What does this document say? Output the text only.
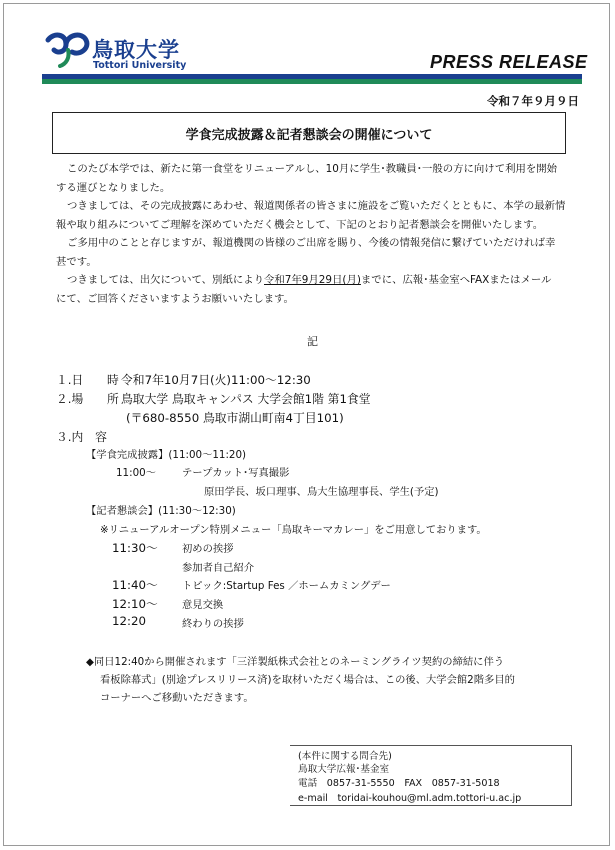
鳥取大学
Tottori University	PRESS RELEASE
令和７年９月９日
学食完成披露＆記者懇談会の開催について

このたび本学では、新たに第一食堂をリニューアルし、10月に学生･教職員･一般の方に向けて利用を開始
する運びとなりました。

つきましては、その完成披露にあわせ、報道関係者の皆さまに施設をご覧いただくとともに、本学の最新情
報や取り組みについてご理解を深めていただく機会として、下記のとおり記者懇談会を開催いたします。

ご多用中のことと存じますが、報道機関の皆様のご出席を賜り、今後の情報発信に繋げていただければ幸
甚です。

つきましては、出欠について、別紙により令和7年9月29日(月)までに、広報･基金室へFAXまたはメール
にて、ご回答くださいますようお願いいたします。

記
１.日　　時 令和7年10月7日(火)11:00～12:30
２.場　　所 鳥取大学 鳥取キャンパス 大学会館1階 第1食堂
(〒680-8550 鳥取市湖山町南4丁目101)
３.内　容
【学食完成披露】(11:00～11:20)
11:00～	テープカット･写真撮影
原田学長、坂口理事、鳥大生協理事長、学生(予定)
【記者懇談会】(11:30～12:30)
※リニューアルオープン特別メニュー「鳥取キーマカレー」をご用意しております。
11:30～ 初めの挨拶
参加者自己紹介
11:40～ トピック:Startup Fes ／ホームカミングデー
12:10～ 意見交換
12:20	終わりの挨拶
◆同日12:40から開催されます「三洋製紙株式会社とのネーミングライツ契約の締結に伴う
看板除幕式」(別途プレスリリース済)を取材いただく場合は、この後、大学会館2階多目的
コーナーへご移動いただきます。
(本件に関する問合先)
鳥取大学広報･基金室
電話　0857-31-5550　FAX　0857-31-5018
e-mail　toridai-kouhou@ml.adm.tottori-u.ac.jp
